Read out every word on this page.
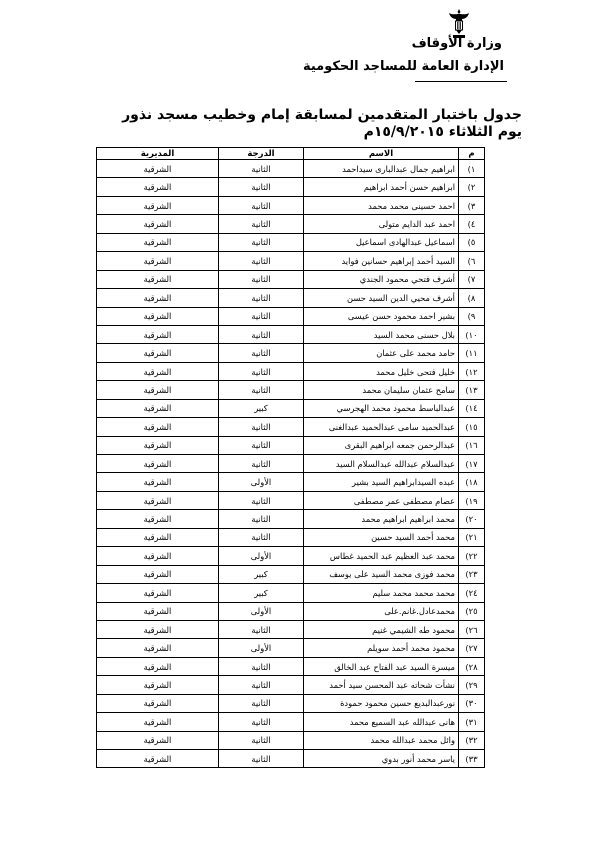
وزارة الأوقاف
الإدارة العامة للمساجد الحكومية
جدول باختبار المتقدمين لمسابقة إمام وخطيب مسجد نذور
يوم الثلاثاء ١٥/٩/٢٠١٥م
م	الاسم	الدرجة	المديرية
١)	ابراهيم جمال عبدالبارى سيداحمد	الثانية	الشرقية
٢)	ابراهيم حسن أحمد ابراهيم	الثانية	الشرقية
٣)	احمد حسينى محمد محمد	الثانية	الشرقية
٤)	احمد عبد الدايم متولى	الثانية	الشرقية
٥)	اسماعيل عبدالهادى اسماعيل	الثانية	الشرقية
٦)	السيد أحمد إبراهيم حسانين فوايد	الثانية	الشرقية
٧)	أشرف فتحي محمود الجندي	الثانية	الشرقية
٨)	أشرف محيي الدين السيد حسن	الثانية	الشرقية
٩)	بشير احمد محمود حسن عيسى	الثانية	الشرقية
١٠)	بلال حسنى محمد السيد	الثانية	الشرقية
١١)	حامد محمد على عثمان	الثانية	الشرقية
١٢)	خليل فتحى خليل محمد	الثانية	الشرقية
١٣)	سامح عثمان سليمان محمد	الثانية	الشرقية
١٤)	عبدالباسط محمود محمد الهجرسي	كبير	الشرقية
١٥)	عبدالحميد سامى عبدالحميد عبدالغنى	الثانية	الشرقية
١٦)	عبدالرحمن جمعه ابراهيم البقرى	الثانية	الشرقية
١٧)	عبدالسلام عبدالله عبدالسلام السيد	الثانية	الشرقية
١٨)	عبده السيدابراهيم السيد بشير	الأولى	الشرقية
١٩)	عصام مصطفى عمر مصطفى	الثانية	الشرقية
٢٠)	محمد ابراهيم ابراهيم محمد	الثانية	الشرقية
٢١)	محمد أحمد السيد حسين	الثانية	الشرقية
٢٢)	محمد عبد العظيم عبد الحميد غطاس	الأولى	الشرقية
٢٣)	محمد فوزى محمد السيد على يوسف	كبير	الشرقية
٢٤)	محمد محمد محمد سليم	كبير	الشرقية
٢٥)	محمدعادل.غانم.على	الأولى	الشرقية
٢٦)	محمود طه الشيمي غنيم	الثانية	الشرقية
٢٧)	محمود محمد أحمد سويلم	الأولى	الشرقية
٢٨)	ميسرة السيد عبد الفتاح عبد الخالق	الثانية	الشرقية
٢٩)	نشأت شحاته عبد المحسن سيد أحمد	الثانية	الشرقية
٣٠)	نورعبدالبديع حسين محمود حمودة	الثانية	الشرقية
٣١)	هانى عبدالله عبد السميع محمد	الثانية	الشرقية
٣٢)	وائل محمد عبدالله محمد	الثانية	الشرقية
٣٣)	ياسر محمد أنور بدوي	الثانية	الشرقية
